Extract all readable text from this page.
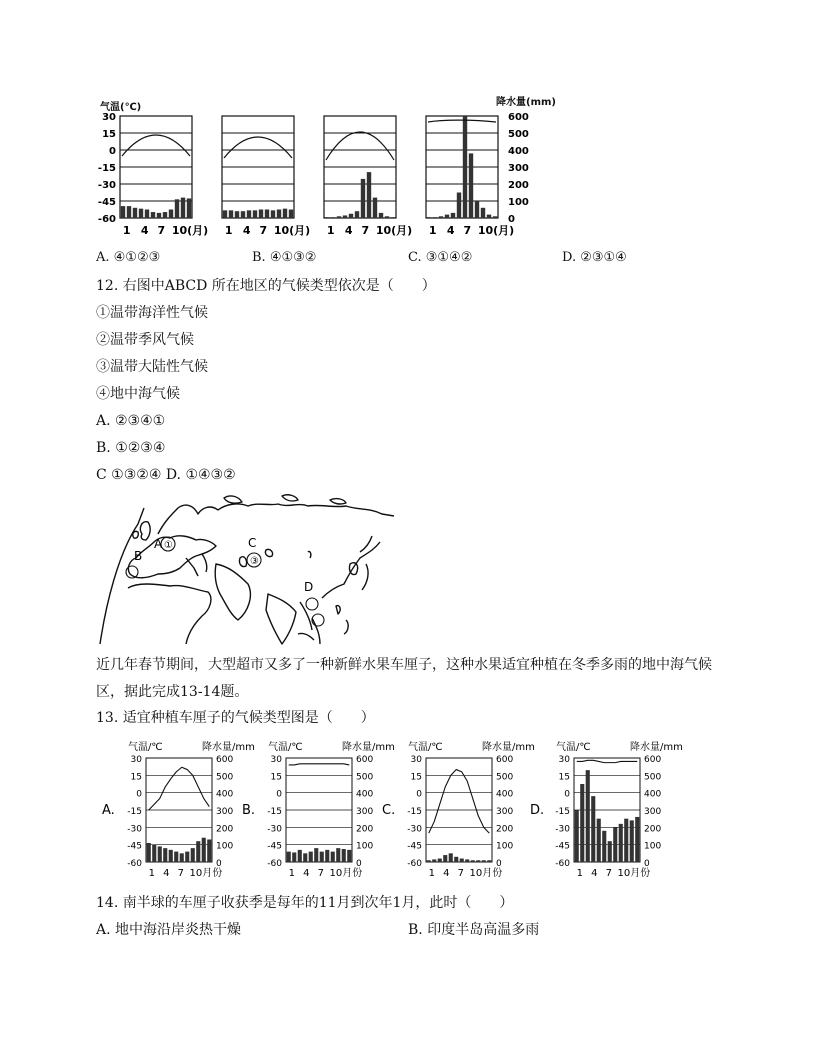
气温(℃)	降水量(mm)
30
15
0
-15
-30
-45
-60
600
500
400
300
200
100
0
1 4 7 10(月) 1 4 7 10(月) 1 4 7 10(月) 1 4 7 10(月)
A. ④①②③	B. ④①③②	C. ③①④②	D. ②③①④
12. 右图中ABCD 所在地区的气候类型依次是（　　）
①温带海洋性气候
②温带季风气候
③温带大陆性气候
④地中海气候
A. ②③④①
B. ①②③④
C ①③②④ D. ①④③②
A ①
B
C
③
D
近几年春节期间，大型超市又多了一种新鲜水果车厘子，这种水果适宜种植在冬季多雨的地中海气候
区，据此完成13-14题。
13. 适宜种植车厘子的气候类型图是（　　）
A.
气温/℃	降水量/mm
30
15
0
-15
-30
-45
-60
600
500
400
300
200
100
0
1 4 7 10月份
B.
气温/℃	降水量/mm
30
15
0
-15
-30
-45
-60
600
500
400
300
200
100
0
1 4 7 10月份
C.
气温/℃	降水量/mm
30
15
0
-15
-30
-45
-60
600
500
400
300
200
100
0
1 4 7 10月份
D.
气温/℃	降水量/mm
30
15
0
-15
-30
-45
-60
600
500
400
300
200
100
0
1 4 7 10月份
14. 南半球的车厘子收获季是每年的11月到次年1月，此时（　　）
A. 地中海沿岸炎热干燥	B. 印度半岛高温多雨
